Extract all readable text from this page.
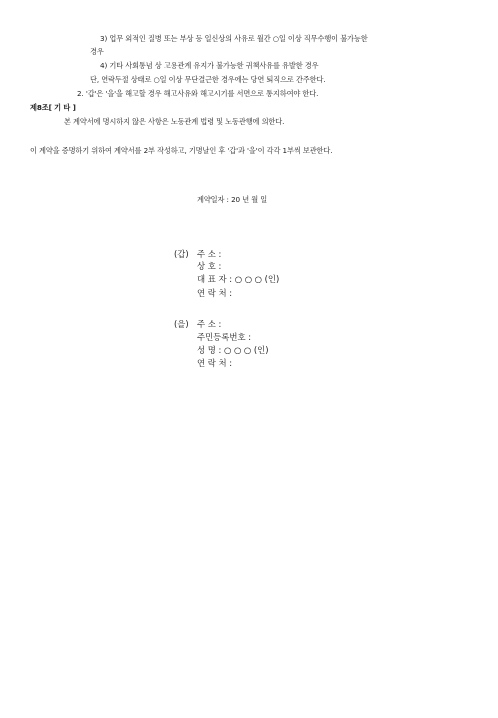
3) 업무 외적인 질병 또는 부상 등 일신상의 사유로 월간 ○일 이상 직무수행이 불가능한
경우
4) 기타 사회통념 상 고용관계 유지가 불가능한 귀책사유를 유발한 경우
단, 연락두절 상태로 ○일 이상 무단결근한 경우에는 당연 퇴직으로 간주한다.
2. '갑'은 '을'을 해고할 경우 해고사유와 해고시기를 서면으로 통지하여야 한다.
제8조[ 기 타 ]
본 계약서에 명시하지 않은 사항은 노동관계 법령 및 노동관행에 의한다.
이 계약을 증명하기 위하여 계약서를 2부 작성하고, 기명날인 후 '갑'과 '을'이 각각 1부씩 보관한다.
계약일자 : 20 년 월 일
(갑) 주 소 :
상 호 :
대 표 자 : ○ ○ ○ (인)
연 락 처 :
(을) 주 소 :
주민등록번호 :
성 명 : ○ ○ ○ (인)
연 락 처 :
